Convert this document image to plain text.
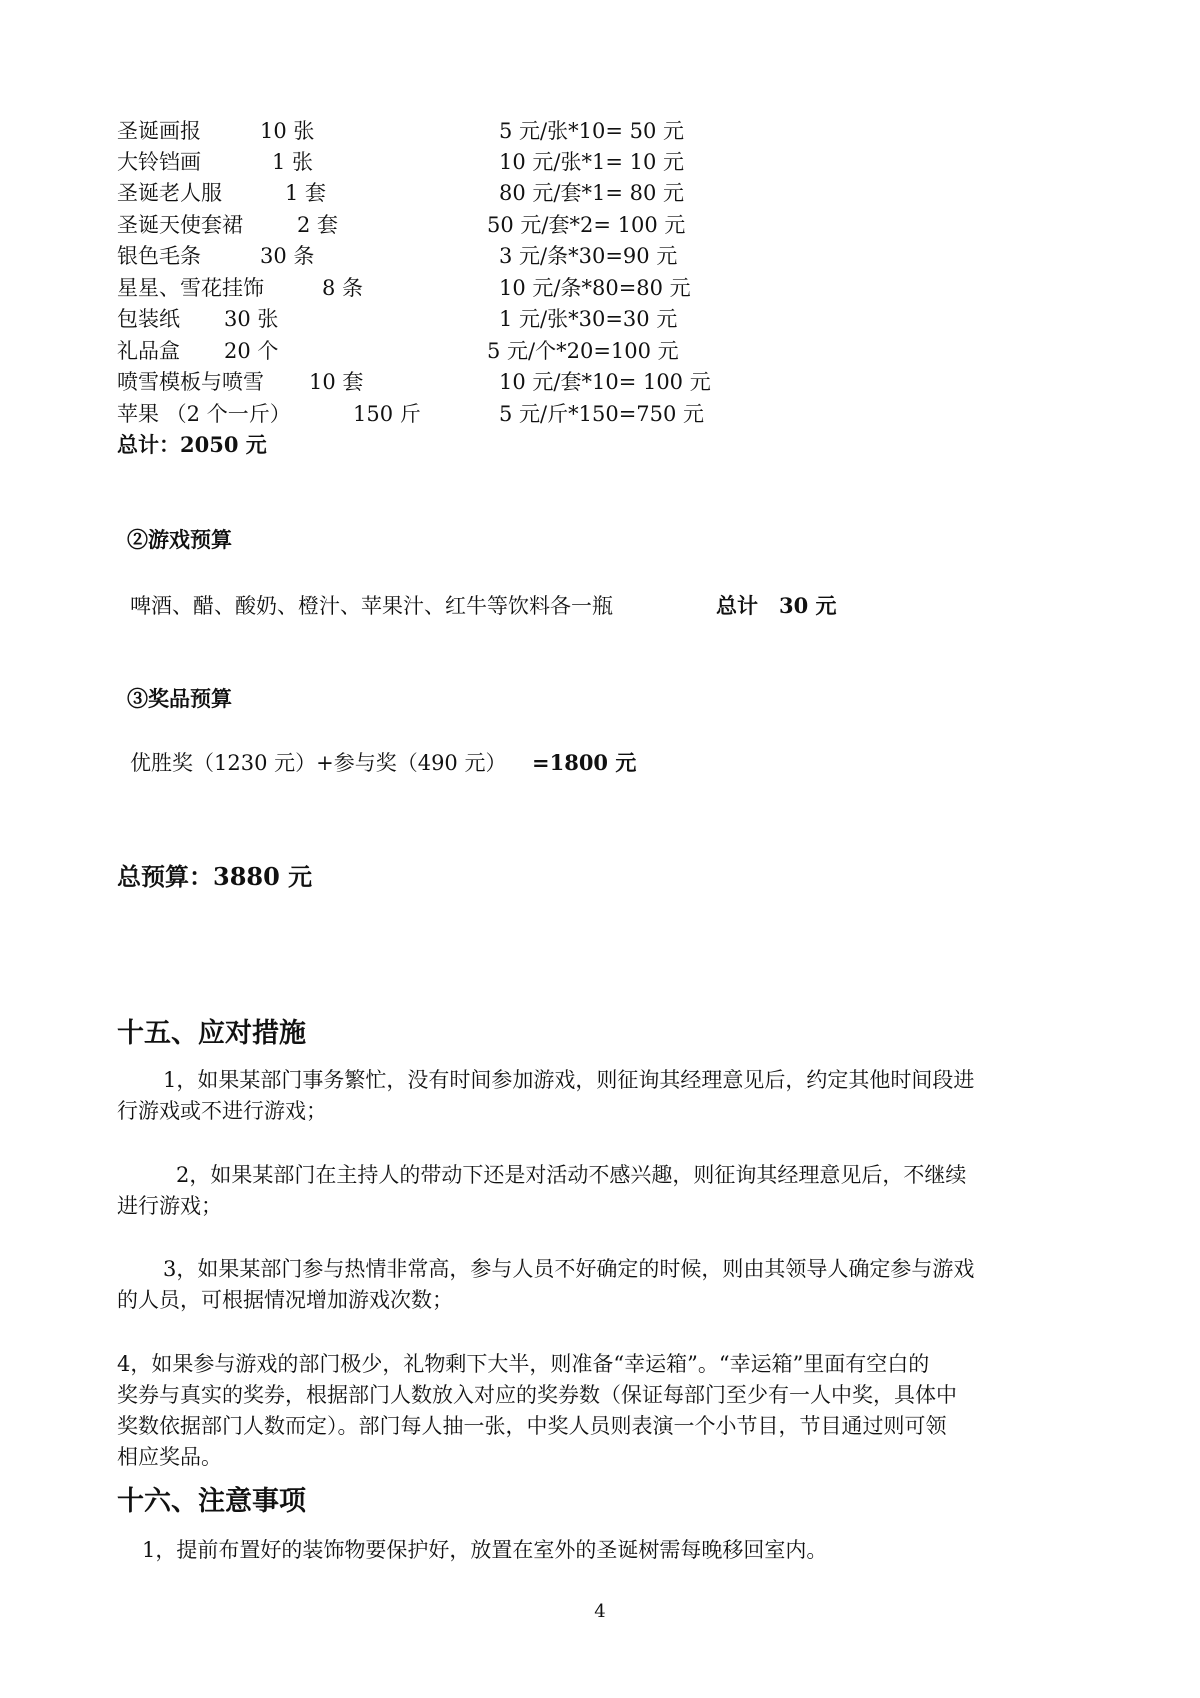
圣诞画报	10 张	5 元/张*10= 50 元
大铃铛画	1 张	10 元/张*1= 10 元
圣诞老人服	1 套	80 元/套*1= 80 元
圣诞天使套裙	2 套	50 元/套*2= 100 元
银色毛条	30 条	3 元/条*30=90 元
星星、雪花挂饰	8 条	10 元/条*80=80 元
包装纸 30 张	1 元/张*30=30 元
礼品盒 20 个	5 元/个*20=100 元
喷雪模板与喷雪 10 套	10 元/套*10= 100 元
苹果 （2 个一斤）	150 斤	5 元/斤*150=750 元
总计：2050 元
②游戏预算
啤酒、醋、酸奶、橙汁、苹果汁、红牛等饮料各一瓶	总计　30 元
③奖品预算
优胜奖（1230 元）+参与奖（490 元） =1800 元
总预算：3880 元
十五、应对措施
1，如果某部门事务繁忙，没有时间参加游戏，则征询其经理意见后，约定其他时间段进
行游戏或不进行游戏；
2，如果某部门在主持人的带动下还是对活动不感兴趣，则征询其经理意见后，不继续
进行游戏；
3，如果某部门参与热情非常高，参与人员不好确定的时候，则由其领导人确定参与游戏
的人员，可根据情况增加游戏次数；
4，如果参与游戏的部门极少，礼物剩下大半，则准备“幸运箱”。“幸运箱”里面有空白的
奖券与真实的奖券，根据部门人数放入对应的奖券数（保证每部门至少有一人中奖，具体中
奖数依据部门人数而定）。部门每人抽一张，中奖人员则表演一个小节目，节目通过则可领
相应奖品。
十六、注意事项
1，提前布置好的装饰物要保护好，放置在室外的圣诞树需每晚移回室内。
4
